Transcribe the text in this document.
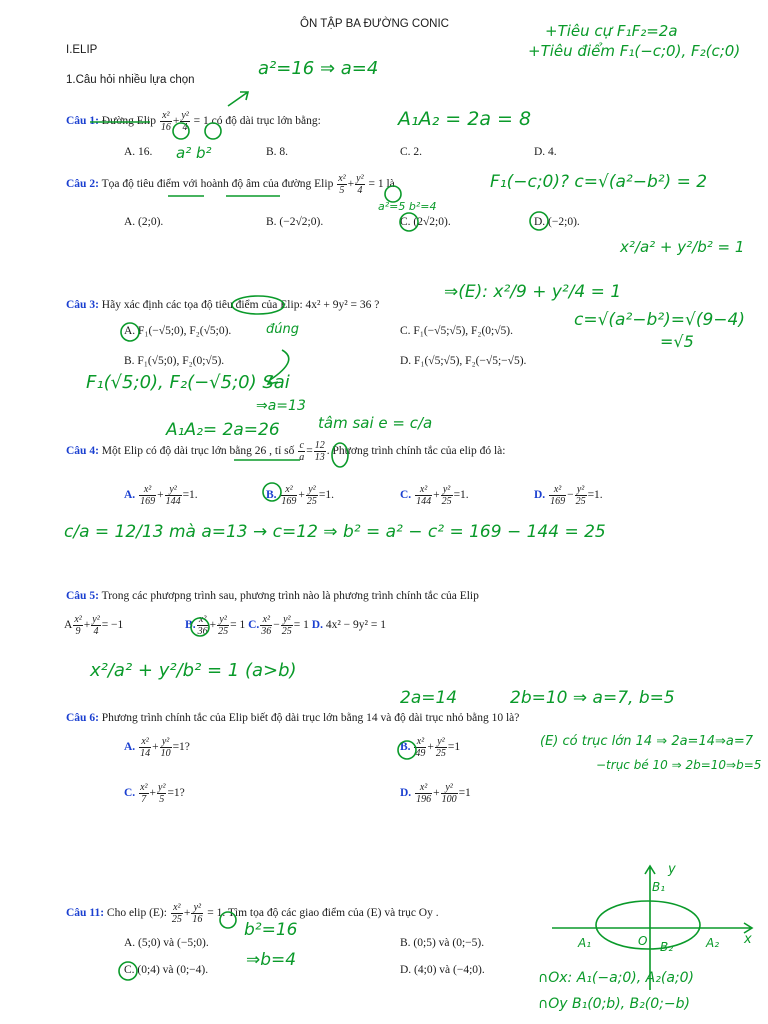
ÔN TẬP BA ĐƯỜNG CONIC
I.ELIP
1.Câu hỏi nhiều lựa chọn
Câu 1: Đường Elip $\frac{\text{x²}}{16} + \frac{\text{y²}}{4} = 1$ có độ dài trục lớn bằng:
A. 16.	B. 8.	C. 2.	D. 4.
Câu 2: Tọa độ tiêu điểm với hoành độ âm của đường Elip $\frac{\text{x²}}{5} + \frac{\text{y²}}{4} = 1$ là
A. (2;0).	B. (−2√2;0).	C. (2√2;0).	D. (−2;0).
Câu 3: Hãy xác định các tọa độ tiêu điểm của Elip: 4x² + 9y² = 36 ?
A. F₁(−√5;0), F₂(√5;0).	C. F₁(−√5;√5), F₂(0;√5).
B. F₁(√5;0), F₂(0;√5).	D. F₁(√5;√5), F₂(−√5;−√5).
Câu 4: Một Elip có độ dài trục lớn bằng 26 , tỉ số $\frac{c}{a} = \frac{12}{13}$ . Phương trình chính tắc của elip đó là:
A. $\frac{\text{x²}}{169} + \frac{\text{y²}}{144} =1$.	B. $\frac{\text{x²}}{169} + \frac{\text{y²}}{25} =1$.	C. $\frac{\text{x²}}{144} + \frac{\text{y²}}{25} =1$.	D. $\frac{\text{x²}}{169} - \frac{\text{y²}}{25} =1$.
Câu 5: Trong các phươpng trình sau, phương trình nào là phương trình chính tắc của Elip
A $\frac{\text{x²}}{9} + \frac{\text{y²}}{4} = -1$	B. $\frac{\text{x²}}{36} + \frac{\text{y²}}{25} = 1$ C. $\frac{\text{x²}}{36} - \frac{\text{y²}}{25} = 1$ D. 4x² − 9y² = 1
Câu 6: Phương trình chính tắc của Elip biết độ dài trục lớn bằng 14 và độ dài trục nhỏ bằng 10 là?
A. $\frac{\text{x²}}{14} + \frac{\text{y²}}{10} =1$?	B. $\frac{\text{x²}}{49} + \frac{\text{y²}}{25} =1$
C. $\frac{\text{x²}}{7} + \frac{\text{y²}}{5} =1$?	D. $\frac{\text{x²}}{196} + \frac{\text{y²}}{100} =1$
Câu 11: Cho elip (E): $\frac{\text{x²}}{25} + \frac{\text{y²}}{16} = 1$. Tìm tọa độ các giao điểm của (E) và trục Oy .
A. (5;0) và (−5;0).	B. (0;5) và (0;−5).
C. (0;4) và (0;−4).	D. (4;0) và (−4;0).
+Tiêu cự F₁F₂=2a
+Tiêu điểm F₁(−c;0), F₂(c;0)
a²=16 ⇒ a=4
A₁A₂ = 2a = 8
a² b²
F₁(−c;0)? c=√(a²−b²) = 2
a²=5 b²=4
x²/a² + y²/b² = 1
⇒(E): x²/9 + y²/4 = 1
c=√(a²−b²)=√(9−4)
=√5
đúng
F₁(√5;0), F₂(−√5;0) Sai
⇒a=13
A₁A₂= 2a=26	tâm sai e = c/a
c/a = 12/13 mà a=13 → c=12 ⇒ b² = a² − c² = 169 − 144 = 25
x²/a² + y²/b² = 1 (a>b)
2a=14	2b=10 ⇒ a=7, b=5
(E) có trục lớn 14 ⇒ 2a=14⇒a=7
−trục bé 10 ⇒ 2b=10⇒b=5
b²=16
⇒b=4
∩Ox: A₁(−a;0), A₂(a;0)
∩Oy B₁(0;b), B₂(0;−b)
y
x
B₁
B₂
A₁	A₂
O
